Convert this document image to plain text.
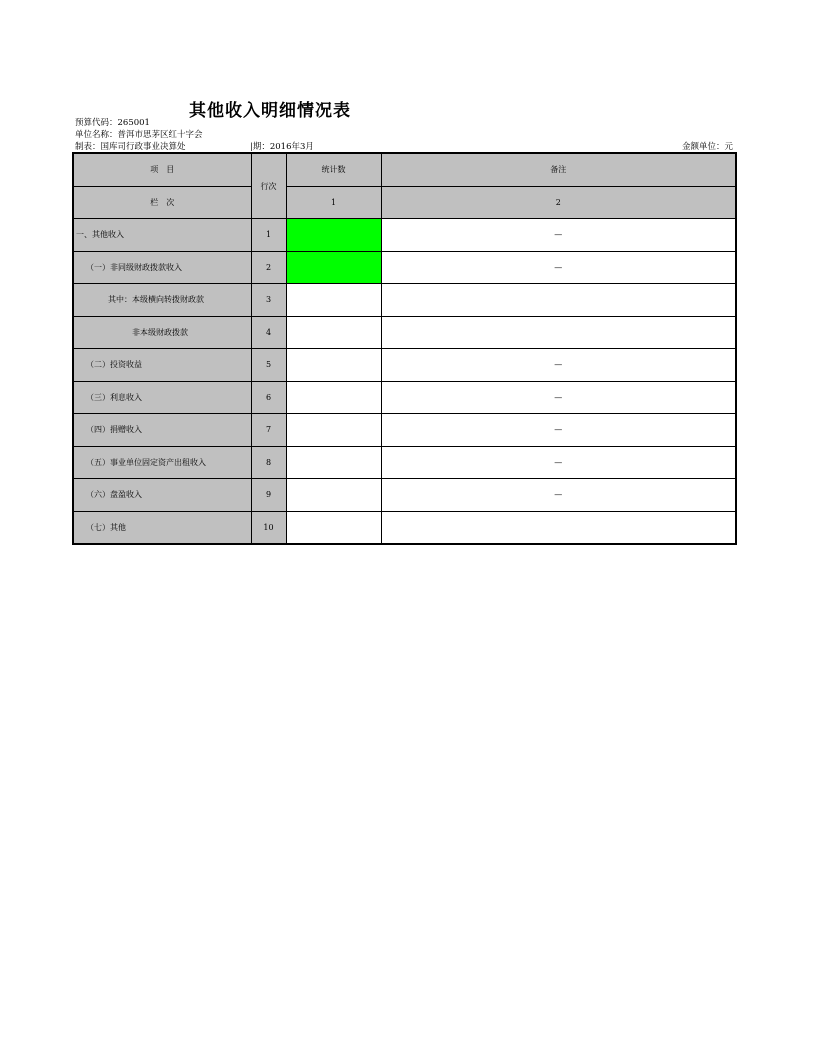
其他收入明细情况表
预算代码：265001
单位名称：普洱市思茅区红十字会
制表：国库司行政事业决算处	|期：2016年3月	金额单位：元
项　目	行次	统计数	备注
栏　次		1	2
一、其他收入	1		—
（一）非同级财政拨款收入	2		—
其中：本级横向转拨财政款	3		
非本级财政拨款	4		
（二）投资收益	5		—
（三）利息收入	6		—
（四）捐赠收入	7		—
（五）事业单位固定资产出租收入	8		—
（六）盘盈收入	9		—
（七）其他	10		
